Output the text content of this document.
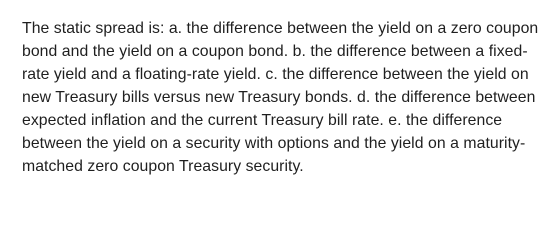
The static spread is: a. the difference between the yield on a zero coupon bond and the yield on a coupon bond. b. the difference between a fixed-rate yield and a floating-rate yield. c. the difference between the yield on new Treasury bills versus new Treasury bonds. d. the difference between expected inflation and the current Treasury bill rate. e. the difference between the yield on a security with options and the yield on a maturity-matched zero coupon Treasury security.
